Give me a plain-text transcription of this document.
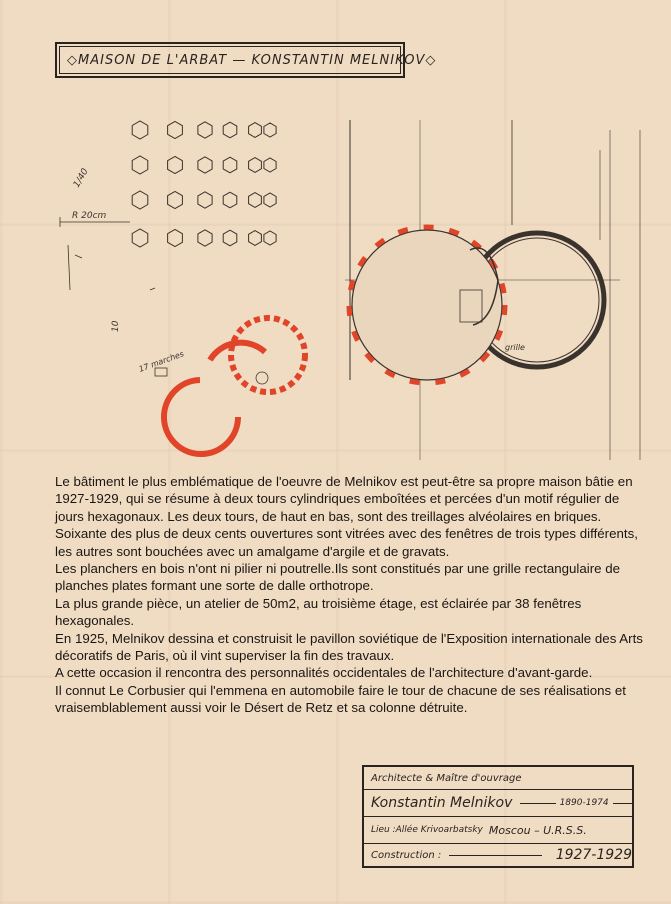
◇MAISON DE L'ARBAT — KONSTANTIN MELNIKOV◇
1/40
R 20cm
10
17 marches
grille

Le bâtiment le plus emblématique de l'oeuvre de Melnikov est peut-être sa propre maison bâtie en 1927-1929, qui se résume à deux tours cylindriques emboîtées et percées d'un motif régulier de jours hexagonaux. Les deux tours, de haut en bas, sont des treillages alvéolaires en briques. Soixante des plus de deux cents ouvertures sont vitrées avec des fenêtres de trois types différents, les autres sont bouchées avec un amalgame d'argile et de gravats.

Les planchers en bois n'ont ni pilier ni poutrelle.Ils sont constitués par une grille rectangulaire de planches plates formant une sorte de dalle orthotrope.

La plus grande pièce, un atelier de 50m2, au troisième étage, est éclairée par 38 fenêtres hexagonales.

En 1925, Melnikov dessina et construisit le pavillon soviétique de l'Exposition internationale des Arts décoratifs de Paris, où il vint superviser la fin des travaux.

A cette occasion il rencontra des personnalités occidentales de l'architecture d'avant-garde.

Il connut Le Corbusier qui l'emmena en automobile faire le tour de chacune de ses réalisations et vraisemblablement aussi voir le Désert de Retz et sa colonne détruite.

Architecte & Maître d'ouvrage
Konstantin Melnikov	1890-1974
Lieu :Allée Krivoarbatsky Moscou – U.R.S.S.
Construction :	1927-1929
